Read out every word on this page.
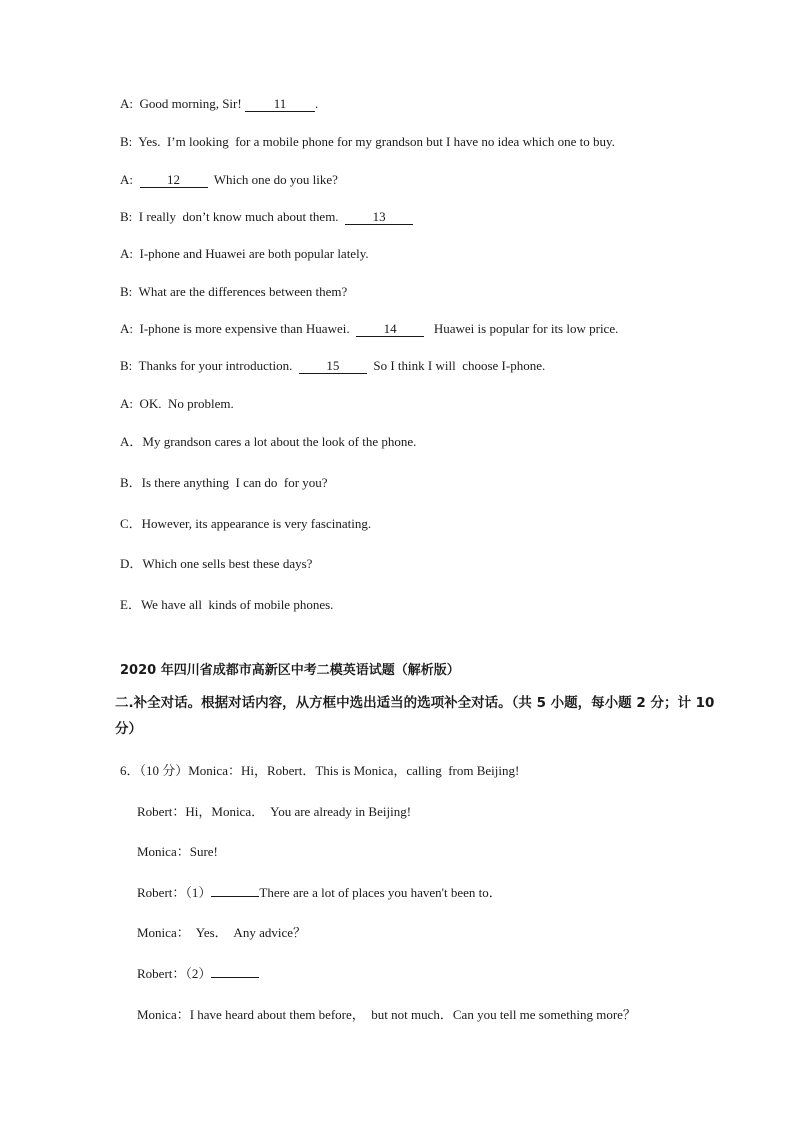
A:  Good morning, Sir! 11 .
B:  Yes.  I’m looking  for a mobile phone for my grandson but I have no idea which one to buy.
A:  12  Which one do you like?
B:  I really  don’t know much about them.  13
A:  I-phone and Huawei are both popular lately.
B:  What are the differences between them?
A:  I-phone is more expensive than Huawei.  14   Huawei is popular for its low price.
B:  Thanks for your introduction.  15  So I think I will  choose I-phone.
A:  OK.  No problem.
A．My grandson cares a lot about the look of the phone.
B．Is there anything  I can do  for you?
C．However, its appearance is very fascinating.
D．Which one sells best these days?
E．We have all  kinds of mobile phones.
2020 年四川省成都市高新区中考二模英语试题（解析版）
二.补全对话。根据对话内容，从方框中选出适当的选项补全对话。（共 5 小题，每小题 2 分；计 10 分）
6．（10 分）Monica：Hi，Robert．This is Monica，calling  from Beijing!
Robert：Hi，Monica．  You are already in Beijing!
Monica：Sure!
Robert：（1）	There are a lot of places you haven't been to．
Monica：  Yes．  Any advice？
Robert：（2）
Monica：I have heard about them before，  but not much．Can you tell me something more？
